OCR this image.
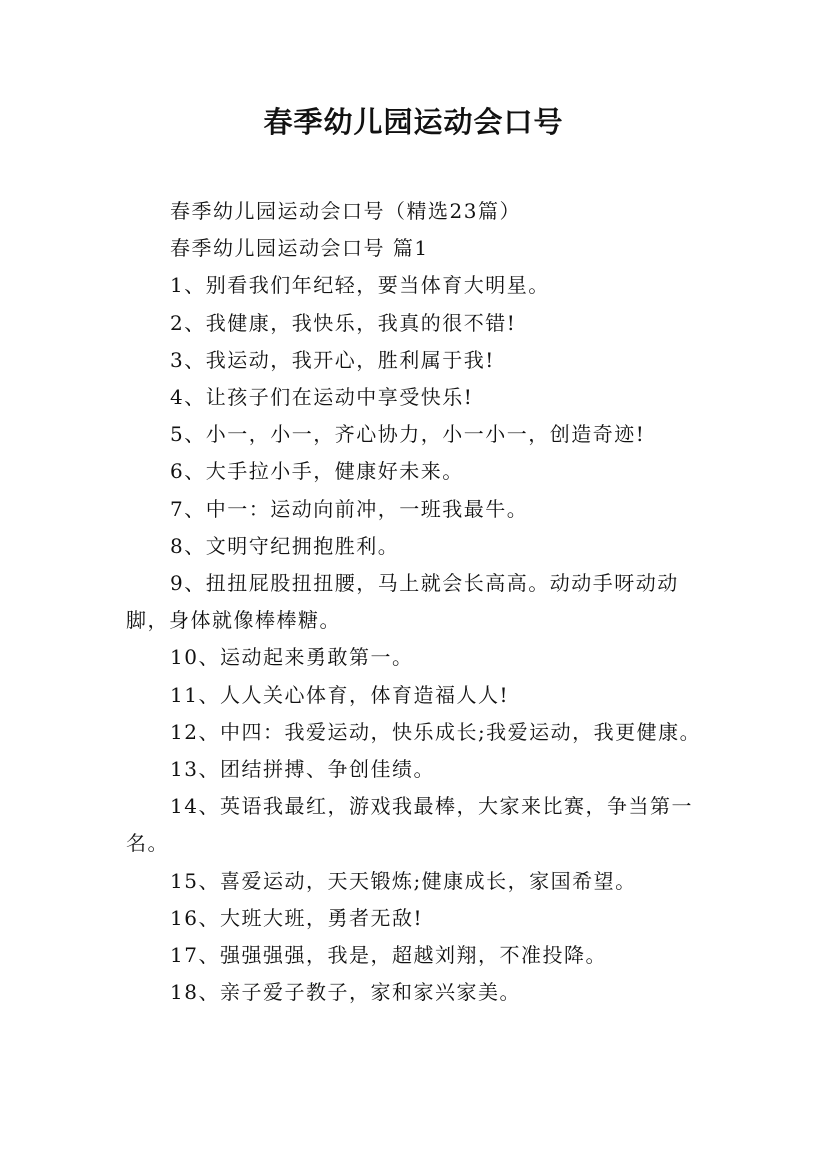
春季幼儿园运动会口号

春季幼儿园运动会口号（精选23篇）

春季幼儿园运动会口号 篇1

1、别看我们年纪轻，要当体育大明星。

2、我健康，我快乐，我真的很不错!

3、我运动，我开心，胜利属于我!

4、让孩子们在运动中享受快乐!

5、小一，小一，齐心协力，小一小一，创造奇迹!

6、大手拉小手，健康好未来。

7、中一：运动向前冲，一班我最牛。

8、文明守纪拥抱胜利。

9、扭扭屁股扭扭腰，马上就会长高高。动动手呀动动脚，身体就像棒棒糖。

10、运动起来勇敢第一。

11、人人关心体育，体育造福人人!

12、中四：我爱运动，快乐成长;我爱运动，我更健康。

13、团结拼搏、争创佳绩。

14、英语我最红，游戏我最棒，大家来比赛，争当第一名。

15、喜爱运动，天天锻炼;健康成长，家国希望。

16、大班大班，勇者无敌!

17、强强强强，我是，超越刘翔，不准投降。

18、亲子爱子教子，家和家兴家美。
